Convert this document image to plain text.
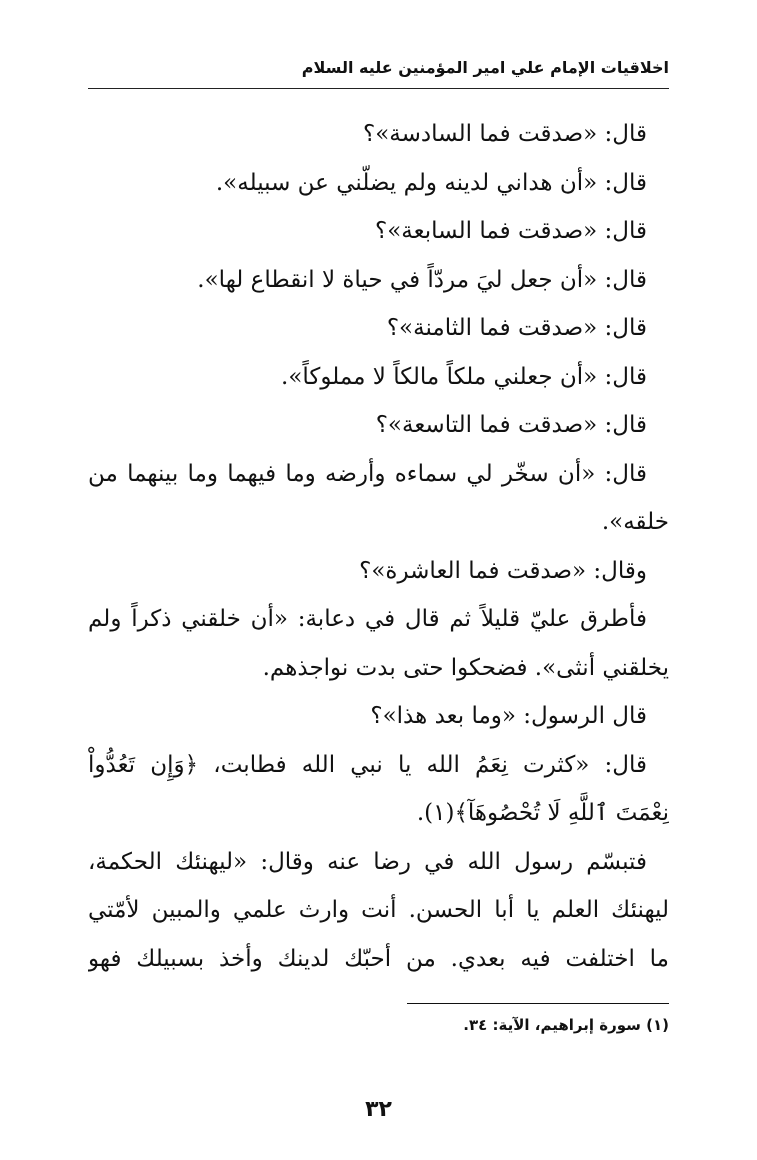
اخلاقيات الإمام علي امير المؤمنين عليه السلام
قال: «صدقت فما السادسة»؟
قال: «أن هداني لدينه ولم يضلّني عن سبيله».
قال: «صدقت فما السابعة»؟
قال: «أن جعل ليَ مردّاً في حياة لا انقطاع لها».
قال: «صدقت فما الثامنة»؟
قال: «أن جعلني ملكاً مالكاً لا مملوكاً».
قال: «صدقت فما التاسعة»؟
قال: «أن سخّر لي سماءه وأرضه وما فيهما وما بينهما من
خلقه».
وقال: «صدقت فما العاشرة»؟
فأطرق عليّ قليلاً ثم قال في دعابة: «أن خلقني ذكراً ولم
يخلقني أنثى». فضحكوا حتى بدت نواجذهم.
قال الرسول: «وما بعد هذا»؟
قال: «كثرت نِعَمُ الله يا نبي الله فطابت، ﴿وَإِن تَعُدُّواْ
نِعْمَتَ ٱللَّهِ لَا تُحْصُوهَآ﴾(١).
فتبسّم رسول الله في رضا عنه وقال: «ليهنئك الحكمة،
ليهنئك العلم يا أبا الحسن. أنت وارث علمي والمبين لأمّتي
ما اختلفت فيه بعدي. من أحبّك لدينك وأخذ بسبيلك فهو
(١) سورة إبراهيم، الآية: ٣٤.
٣٢
